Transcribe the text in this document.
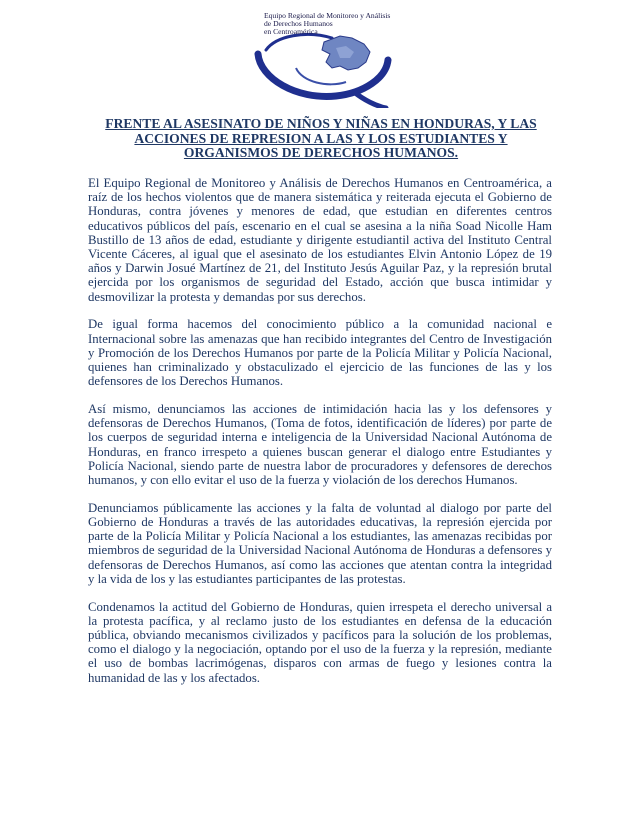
Equipo Regional de Monitoreo y Análisis
de Derechos Humanos
en Centroamérica
FRENTE AL ASESINATO DE NIÑOS Y NIÑAS EN HONDURAS, Y LAS
ACCIONES DE REPRESION A LAS Y LOS ESTUDIANTES Y
ORGANISMOS DE DERECHOS HUMANOS.

El Equipo Regional de Monitoreo y Análisis de Derechos Humanos en Centroamérica, a raíz de los hechos violentos que de manera sistemática y reiterada ejecuta el Gobierno de Honduras, contra jóvenes y menores de edad, que estudian en diferentes centros educativos públicos del país, escenario en el cual se asesina a la niña Soad Nicolle Ham Bustillo de 13 años de edad, estudiante y dirigente estudiantil activa del Instituto Central Vicente Cáceres, al igual que el asesinato de los estudiantes Elvin Antonio López de 19 años y Darwin Josué Martínez de 21, del Instituto Jesús Aguilar Paz, y la represión brutal ejercida por los organismos de seguridad del Estado, acción que busca intimidar y desmovilizar la protesta y demandas por sus derechos.

De igual forma hacemos del conocimiento público a la comunidad nacional e Internacional sobre las amenazas que han recibido integrantes del Centro de Investigación y Promoción de los Derechos Humanos por parte de la Policía Militar y Policía Nacional, quienes han criminalizado y obstaculizado el ejercicio de las funciones de las y los defensores de los Derechos Humanos.

Así mismo, denunciamos las acciones de intimidación hacia las y los defensores y defensoras de Derechos Humanos, (Toma de fotos, identificación de líderes) por parte de los cuerpos de seguridad interna e inteligencia de la Universidad Nacional Autónoma de Honduras, en franco irrespeto a quienes buscan generar el dialogo entre Estudiantes y Policía Nacional, siendo parte de nuestra labor de procuradores y defensores de derechos humanos, y con ello evitar el uso de la fuerza y violación de los derechos Humanos.

Denunciamos públicamente las acciones y la falta de voluntad al dialogo por parte del Gobierno de Honduras a través de las autoridades educativas, la represión ejercida por parte de la Policía Militar y Policía Nacional a los estudiantes, las amenazas recibidas por miembros de seguridad de la Universidad Nacional Autónoma de Honduras a defensores y defensoras de Derechos Humanos, así como las acciones que atentan contra la integridad y la vida de los y las estudiantes participantes de las protestas.

Condenamos la actitud del Gobierno de Honduras, quien irrespeta el derecho universal a la protesta pacífica, y al reclamo justo de los estudiantes en defensa de la educación pública, obviando mecanismos civilizados y pacíficos para la solución de los problemas, como el dialogo y la negociación, optando por el uso de la fuerza y la represión, mediante el uso de bombas lacrimógenas, disparos con armas de fuego y lesiones contra la humanidad de las y los afectados.
